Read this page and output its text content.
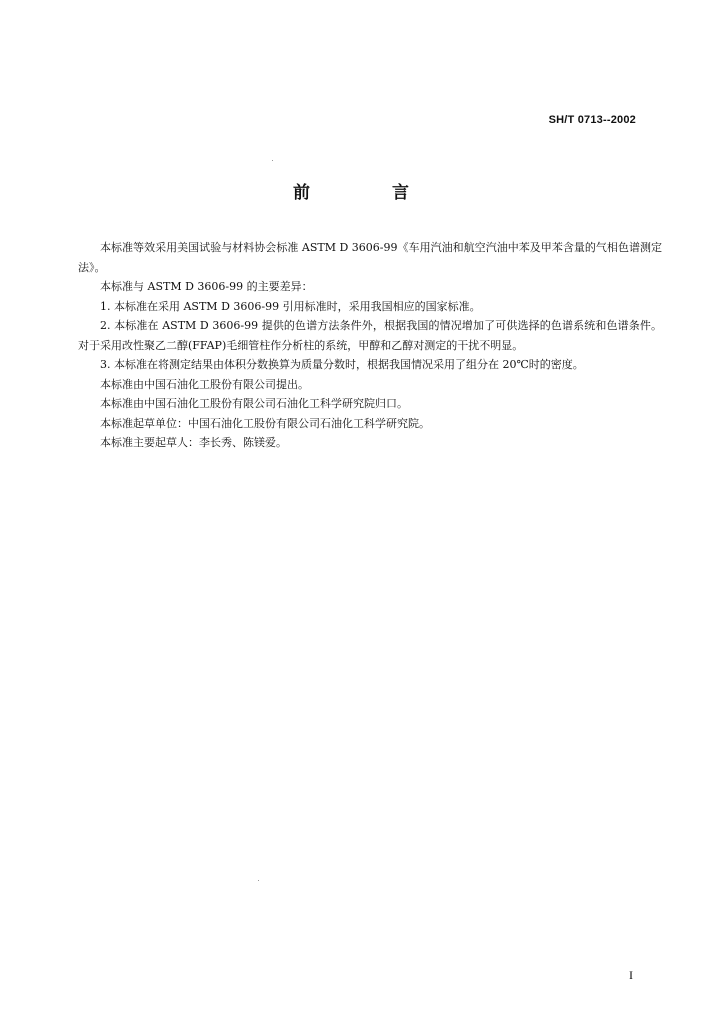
SH/T 0713--2002
前 言

本标准等效采用美国试验与材料协会标准 ASTM D 3606-99《车用汽油和航空汽油中苯及甲苯含量的气相色谱测定法》。

本标准与 ASTM D 3606-99 的主要差异：

1. 本标准在采用 ASTM D 3606-99 引用标准时，采用我国相应的国家标准。

2. 本标准在 ASTM D 3606-99 提供的色谱方法条件外，根据我国的情况增加了可供选择的色谱系统和色谱条件。对于采用改性聚乙二醇(FFAP)毛细管柱作分析柱的系统，甲醇和乙醇对测定的干扰不明显。

3. 本标准在将测定结果由体积分数换算为质量分数时，根据我国情况采用了组分在 20℃时的密度。

本标准由中国石油化工股份有限公司提出。

本标准由中国石油化工股份有限公司石油化工科学研究院归口。

本标准起草单位：中国石油化工股份有限公司石油化工科学研究院。

本标准主要起草人：李长秀、陈镁爱。

I
